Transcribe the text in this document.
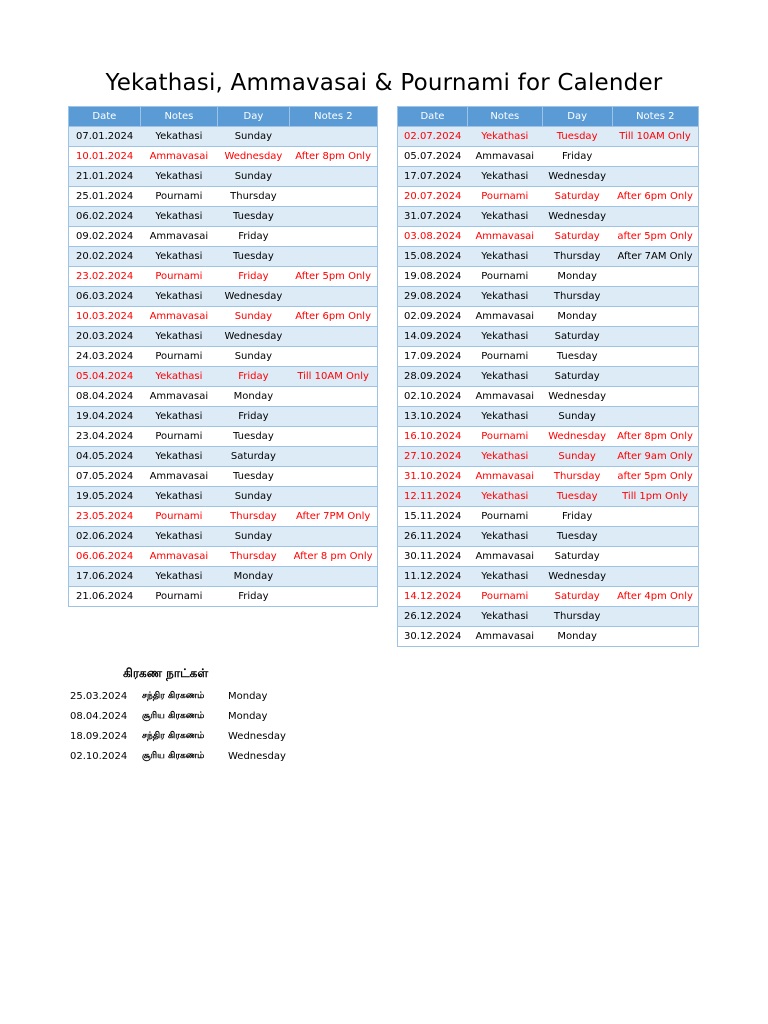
Yekathasi, Ammavasai & Pournami for Calender
Date	Notes	Day	Notes 2
07.01.2024	Yekathasi	Sunday	
10.01.2024	Ammavasai	Wednesday	After 8pm Only
21.01.2024	Yekathasi	Sunday	
25.01.2024	Pournami	Thursday	
06.02.2024	Yekathasi	Tuesday	
09.02.2024	Ammavasai	Friday	
20.02.2024	Yekathasi	Tuesday	
23.02.2024	Pournami	Friday	After 5pm Only
06.03.2024	Yekathasi	Wednesday	
10.03.2024	Ammavasai	Sunday	After 6pm Only
20.03.2024	Yekathasi	Wednesday	
24.03.2024	Pournami	Sunday	
05.04.2024	Yekathasi	Friday	Till 10AM Only
08.04.2024	Ammavasai	Monday	
19.04.2024	Yekathasi	Friday	
23.04.2024	Pournami	Tuesday	
04.05.2024	Yekathasi	Saturday	
07.05.2024	Ammavasai	Tuesday	
19.05.2024	Yekathasi	Sunday	
23.05.2024	Pournami	Thursday	After 7PM Only
02.06.2024	Yekathasi	Sunday	
06.06.2024	Ammavasai	Thursday	After 8 pm Only
17.06.2024	Yekathasi	Monday	
21.06.2024	Pournami	Friday	
Date	Notes	Day	Notes 2
02.07.2024	Yekathasi	Tuesday	Till 10AM Only
05.07.2024	Ammavasai	Friday	
17.07.2024	Yekathasi	Wednesday	
20.07.2024	Pournami	Saturday	After 6pm Only
31.07.2024	Yekathasi	Wednesday	
03.08.2024	Ammavasai	Saturday	after 5pm Only
15.08.2024	Yekathasi	Thursday	After 7AM Only
19.08.2024	Pournami	Monday	
29.08.2024	Yekathasi	Thursday	
02.09.2024	Ammavasai	Monday	
14.09.2024	Yekathasi	Saturday	
17.09.2024	Pournami	Tuesday	
28.09.2024	Yekathasi	Saturday	
02.10.2024	Ammavasai	Wednesday	
13.10.2024	Yekathasi	Sunday	
16.10.2024	Pournami	Wednesday	After 8pm Only
27.10.2024	Yekathasi	Sunday	After 9am Only
31.10.2024	Ammavasai	Thursday	after 5pm Only
12.11.2024	Yekathasi	Tuesday	Till 1pm Only
15.11.2024	Pournami	Friday	
26.11.2024	Yekathasi	Tuesday	
30.11.2024	Ammavasai	Saturday	
11.12.2024	Yekathasi	Wednesday	
14.12.2024	Pournami	Saturday	After 4pm Only
26.12.2024	Yekathasi	Thursday	
30.12.2024	Ammavasai	Monday	
கிரகண நாட்கள்
25.03.2024	சந்திர கிரகணம்	Monday
08.04.2024	சூரிய கிரகணம்	Monday
18.09.2024	சந்திர கிரகணம்	Wednesday
02.10.2024	சூரிய கிரகணம்	Wednesday
